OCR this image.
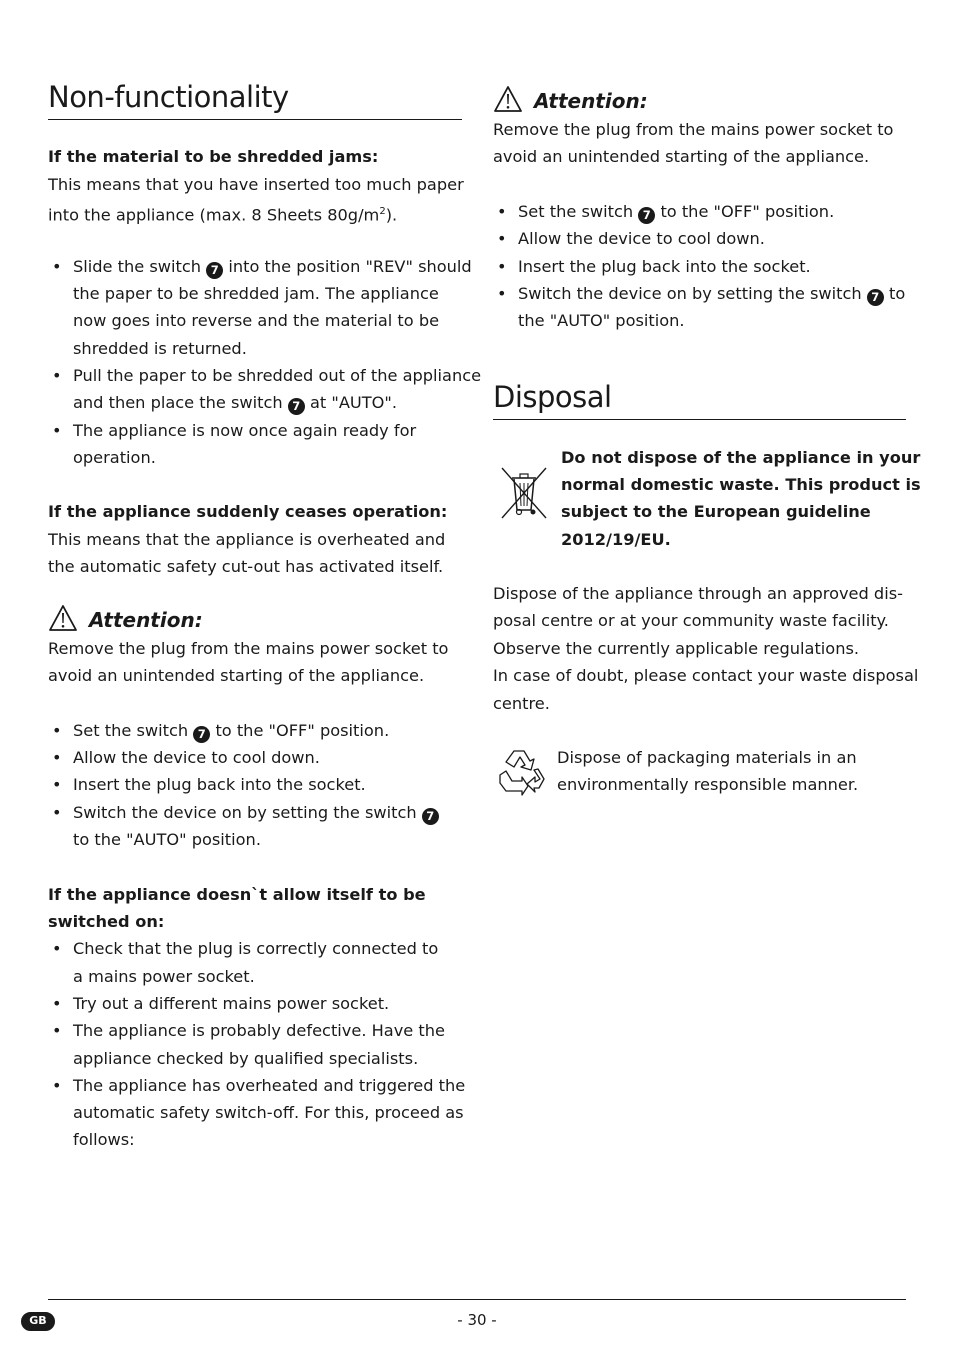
Non-functionality
If the material to be shredded jams:
This means that you have inserted too much paper
into the appliance (max. 8 Sheets $80g/m^2$).
• Slide the switch 7 into the position "REV" should
the paper to be shredded jam. The appliance
now goes into reverse and the material to be
shredded is returned.
• Pull the paper to be shredded out of the appliance
and then place the switch 7 at "AUTO".
• The appliance is now once again ready for
operation.
If the appliance suddenly ceases operation:
This means that the appliance is overheated and
the automatic safety cut-out has activated itself.
Attention:
Remove the plug from the mains power socket to
avoid an unintended starting of the appliance.
• Set the switch 7 to the "OFF" position.
• Allow the device to cool down.
• Insert the plug back into the socket.
• Switch the device on by setting the switch 7
to the "AUTO" position.
If the appliance doesn`t allow itself to be
switched on:
• Check that the plug is correctly connected to
a mains power socket.
• Try out a different mains power socket.
• The appliance is probably defective. Have the
appliance checked by qualified specialists.
• The appliance has overheated and triggered the
automatic safety switch-off. For this, proceed as
follows:
Attention:
Remove the plug from the mains power socket to
avoid an unintended starting of the appliance.
• Set the switch 7 to the "OFF" position.
• Allow the device to cool down.
• Insert the plug back into the socket.
• Switch the device on by setting the switch 7 to
the "AUTO" position.
Disposal
Do not dispose of the appliance in your
normal domestic waste. This product is
subject to the European guideline
2012/19/EU.
Dispose of the appliance through an approved dis-
posal centre or at your community waste facility.
Observe the currently applicable regulations.
In case of doubt, please contact your waste disposal
centre.
Dispose of packaging materials in an
environmentally responsible manner.
GB	- 30 -
